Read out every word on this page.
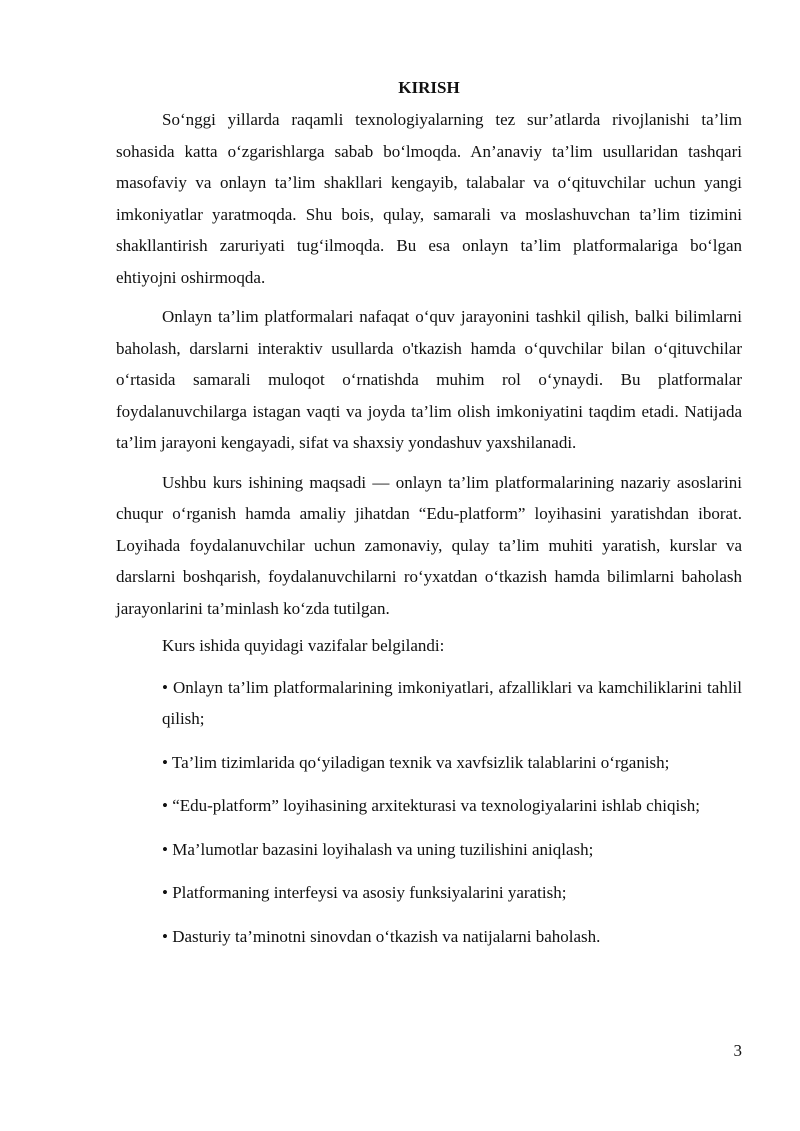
KIRISH

So‘nggi yillarda raqamli texnologiyalarning tez sur’atlarda rivojlanishi ta’lim sohasida katta o‘zgarishlarga sabab bo‘lmoqda. An’anaviy ta’lim usullaridan tashqari masofaviy va onlayn ta’lim shakllari kengayib, talabalar va o‘qituvchilar uchun yangi imkoniyatlar yaratmoqda. Shu bois, qulay, samarali va moslashuvchan ta’lim tizimini shakllantirish zaruriyati tug‘ilmoqda. Bu esa onlayn ta’lim platformalariga bo‘lgan ehtiyojni oshirmoqda.

Onlayn ta’lim platformalari nafaqat o‘quv jarayonini tashkil qilish, balki bilimlarni baholash, darslarni interaktiv usullarda o'tkazish hamda o‘quvchilar bilan o‘qituvchilar o‘rtasida samarali muloqot o‘rnatishda muhim rol o‘ynaydi. Bu platformalar foydalanuvchilarga istagan vaqti va joyda ta’lim olish imkoniyatini taqdim etadi. Natijada ta’lim jarayoni kengayadi, sifat va shaxsiy yondashuv yaxshilanadi.

Ushbu kurs ishining maqsadi — onlayn ta’lim platformalarining nazariy asoslarini chuqur o‘rganish hamda amaliy jihatdan “Edu-platform” loyihasini yaratishdan iborat. Loyihada foydalanuvchilar uchun zamonaviy, qulay ta’lim muhiti yaratish, kurslar va darslarni boshqarish, foydalanuvchilarni ro‘yxatdan o‘tkazish hamda bilimlarni baholash jarayonlarini ta’minlash ko‘zda tutilgan.

Kurs ishida quyidagi vazifalar belgilandi:

• Onlayn ta’lim platformalarining imkoniyatlari, afzalliklari va kamchiliklarini tahlil qilish;
• Ta’lim tizimlarida qo‘yiladigan texnik va xavfsizlik talablarini o‘rganish;
• “Edu-platform” loyihasining arxitekturasi va texnologiyalarini ishlab chiqish;
• Ma’lumotlar bazasini loyihalash va uning tuzilishini aniqlash;
• Platformaning interfeysi va asosiy funksiyalarini yaratish;
• Dasturiy ta’minotni sinovdan o‘tkazish va natijalarni baholash.
3
